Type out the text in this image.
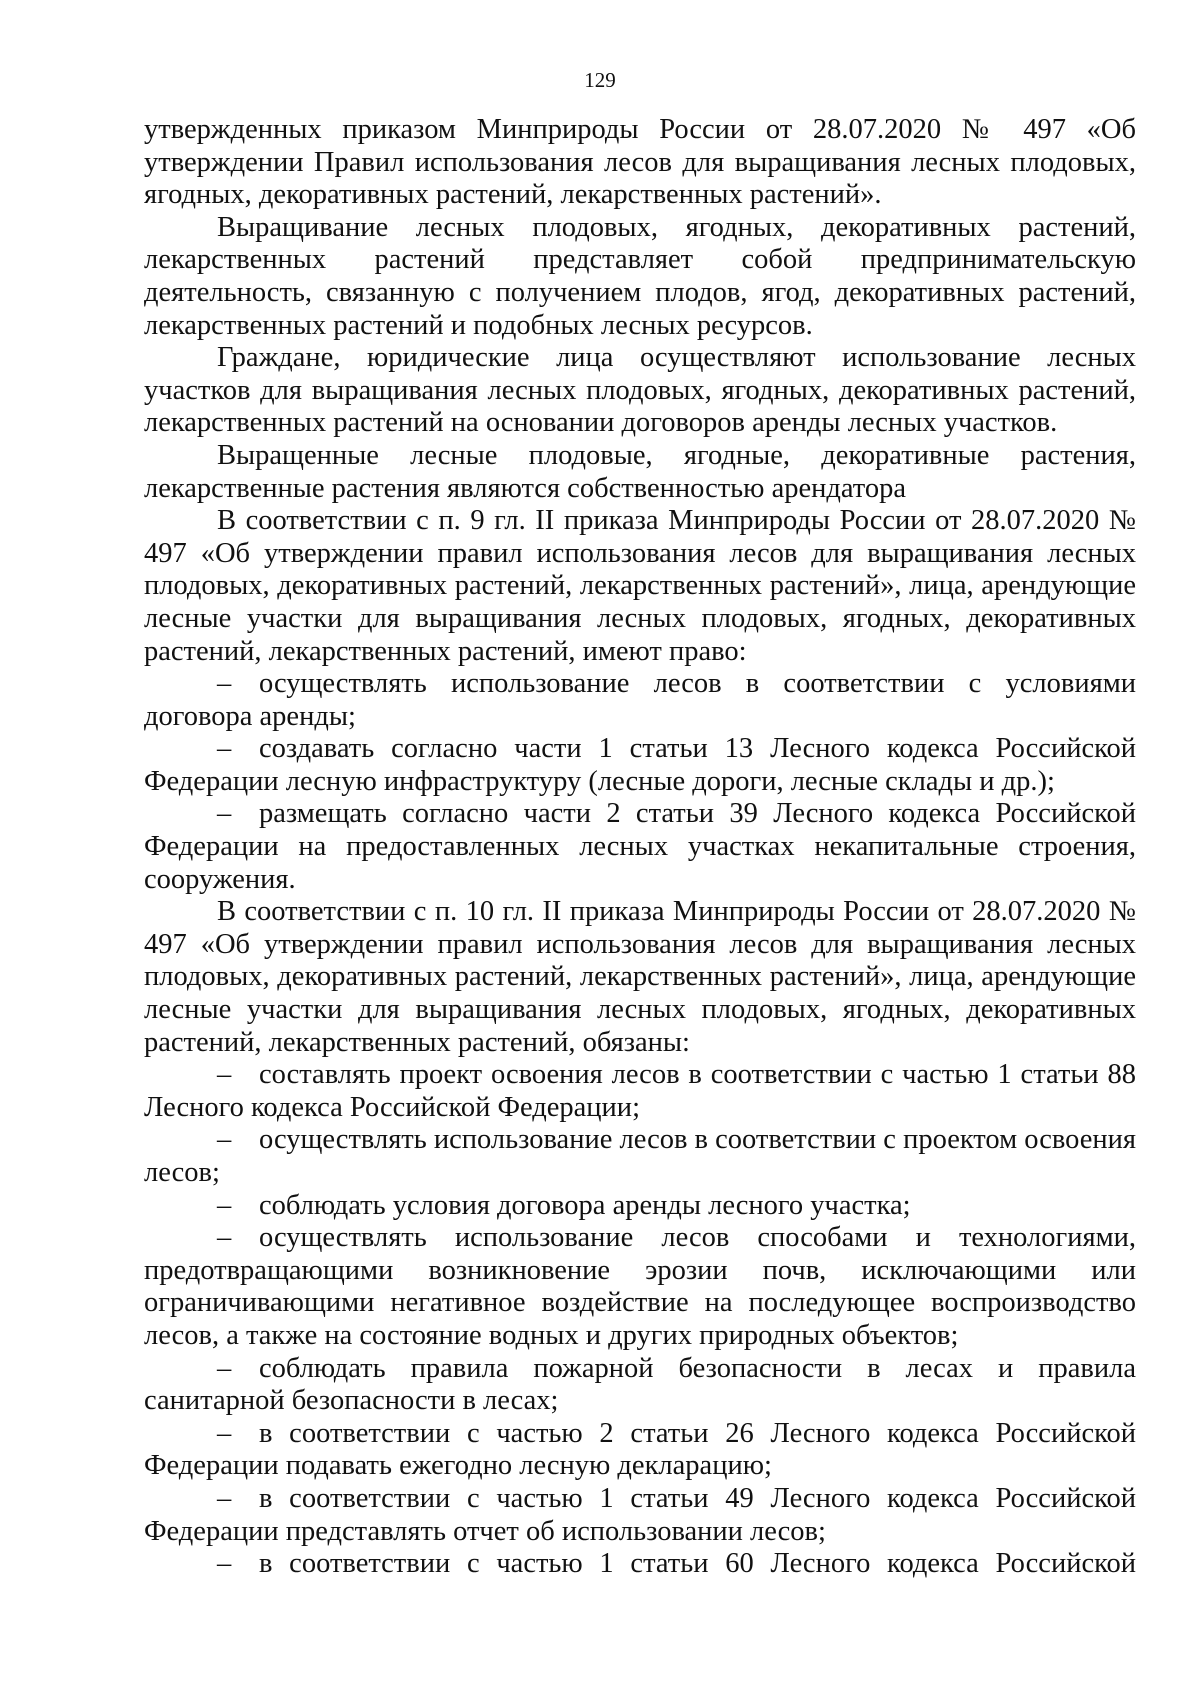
129

утвержденных приказом Минприроды России от 28.07.2020 № 497 «Об утверждении Правил использования лесов для выращивания лесных плодовых, ягодных, декоративных растений, лекарственных растений».

Выращивание лесных плодовых, ягодных, декоративных растений, лекарственных растений представляет собой предпринимательскую деятельность, связанную с получением плодов, ягод, декоративных растений, лекарственных растений и подобных лесных ресурсов.

Граждане, юридические лица осуществляют использование лесных участков для выращивания лесных плодовых, ягодных, декоративных растений, лекарственных растений на основании договоров аренды лесных участков.

Выращенные лесные плодовые, ягодные, декоративные растения, лекарственные растения являются собственностью арендатора

В соответствии с п. 9 гл. II приказа Минприроды России от 28.07.2020 № 497 «Об утверждении правил использования лесов для выращивания лесных плодовых, декоративных растений, лекарственных растений», лица, арендующие лесные участки для выращивания лесных плодовых, ягодных, декоративных растений, лекарственных растений, имеют право:

– осуществлять использование лесов в соответствии с условиями договора аренды;

– создавать согласно части 1 статьи 13 Лесного кодекса Российской Федерации лесную инфраструктуру (лесные дороги, лесные склады и др.);

– размещать согласно части 2 статьи 39 Лесного кодекса Российской Федерации на предоставленных лесных участках некапитальные строения, сооружения.

В соответствии с п. 10 гл. II приказа Минприроды России от 28.07.2020 № 497 «Об утверждении правил использования лесов для выращивания лесных плодовых, декоративных растений, лекарственных растений», лица, арендующие лесные участки для выращивания лесных плодовых, ягодных, декоративных растений, лекарственных растений, обязаны:

– составлять проект освоения лесов в соответствии с частью 1 статьи 88 Лесного кодекса Российской Федерации;

– осуществлять использование лесов в соответствии с проектом освоения лесов;

– соблюдать условия договора аренды лесного участка;

– осуществлять использование лесов способами и технологиями, предотвращающими возникновение эрозии почв, исключающими или ограничивающими негативное воздействие на последующее воспроизводство лесов, а также на состояние водных и других природных объектов;

– соблюдать правила пожарной безопасности в лесах и правила санитарной безопасности в лесах;

– в соответствии с частью 2 статьи 26 Лесного кодекса Российской Федерации подавать ежегодно лесную декларацию;

– в соответствии с частью 1 статьи 49 Лесного кодекса Российской Федерации представлять отчет об использовании лесов;

– в соответствии с частью 1 статьи 60 Лесного кодекса Российской
